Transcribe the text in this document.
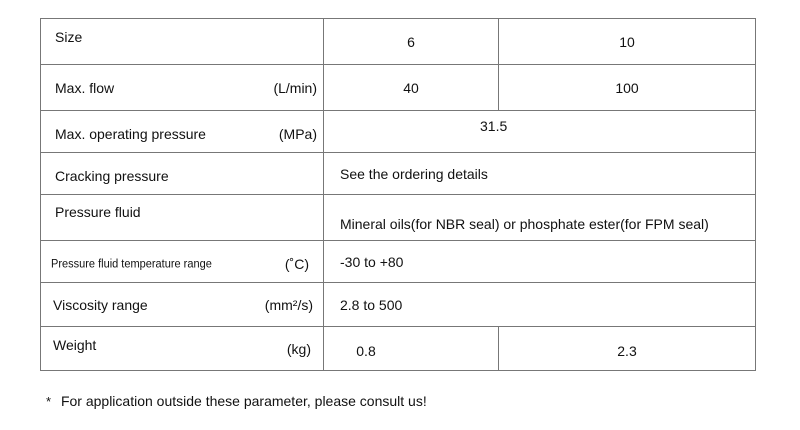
Size	6	10

Max. flow (L/min)	40	100

Max. operating pressure (MPa)	31.5	

Cracking pressure	See the ordering details	

Pressure fluid	Mineral oils(for NBR seal) or phosphate ester(for FPM seal)	

Pressure fluid temperature range (˚C)	-30 to +80	

Viscosity range (mm²/s)	2.8 to 500	

Weight (kg)	0.8	2.3
* For application outside these parameter, please consult us!
